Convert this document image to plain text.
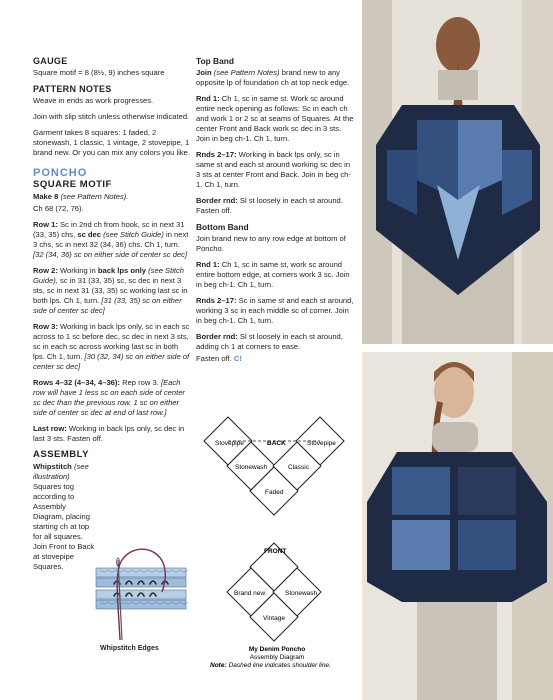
GAUGE

Square motif = 8 (8½, 9) inches square

PATTERN NOTES

Weave in ends as work progresses.

Join with slip stitch unless otherwise indicated.

Garment takes 8 squares: 1 faded, 2 stonewash, 1 classic, 1 vintage, 2 stovepipe, 1 brand new. Or you can mix any colors you like.

PONCHO
SQUARE MOTIF

Make 8 (see Pattern Notes).

Ch 68 (72, 76).

Row 1: Sc in 2nd ch from hook, sc in next 31 (33, 35) chs, sc dec (see Stitch Guide) in next 3 chs, sc in next 32 (34, 36) chs. Ch 1, turn. [32 (34, 36) sc on either side of center sc dec]

Row 2: Working in back lps only (see Stitch Guide), sc in 31 (33, 35) sc, sc dec in next 3 sts, sc in next 31 (33, 35) sc working last sc in both lps. Ch 1, turn. [31 (33, 35) sc on either side of center sc dec]

Row 3: Working in back lps only, sc in each sc across to 1 sc before dec, sc dec in next 3 sts, sc in each sc across working last sc in both lps. Ch 1, turn. [30 (32, 34) sc on either side of center sc dec]

Rows 4–32 (4–34, 4–36): Rep row 3. [Each row will have 1 less sc on each side of center sc dec than the previous row. 1 sc on either side of center sc dec at end of last row.]

Last row: Working in back lps only, sc dec in last 3 sts. Fasten off.

ASSEMBLY

Whipstitch (see illustration) Squares tog according to Assembly Diagram, placing starting ch at top for all squares. Join Front to Back at stovepipe Squares.

Whipstitch Edges
Top Band

Join (see Pattern Notes) brand new to any opposite lp of foundation ch at top neck edge.

Rnd 1: Ch 1, sc in same st. Work sc around entire neck opening as follows: Sc in each ch and work 1 or 2 sc at seams of Squares. At the center Front and Back work sc dec in 3 sts. Join in beg ch-1. Ch 1, turn.

Rnds 2–17: Working in back lps only, sc in same st and each st around working sc dec in 3 sts at center Front and Back. Join in beg ch-1. Ch 1, turn.

Border rnd: Sl st loosely in each st around. Fasten off.

Bottom Band

Join brand new to any row edge at bottom of Poncho.

Rnd 1: Ch 1, sc in same st, work sc around entire bottom edge, at corners work 3 sc. Join in beg ch-1. Ch 1, turn.

Rnds 2–17: Sc in same st and each st around, working 3 sc in each middle sc of corner. Join in beg ch-1. Ch 1, turn.

Border rnd: Sl st loosely in each st around, adding ch 1 at corners to ease.

Fasten off. C!

BACK
Stovepipe	Stovepipe
Stonewash	Classic
Faded
FRONT
Brand new	Stonewash
Vintage
My Denim Poncho
Assembly Diagram
Note: Dashed line indicates shoulder line.
